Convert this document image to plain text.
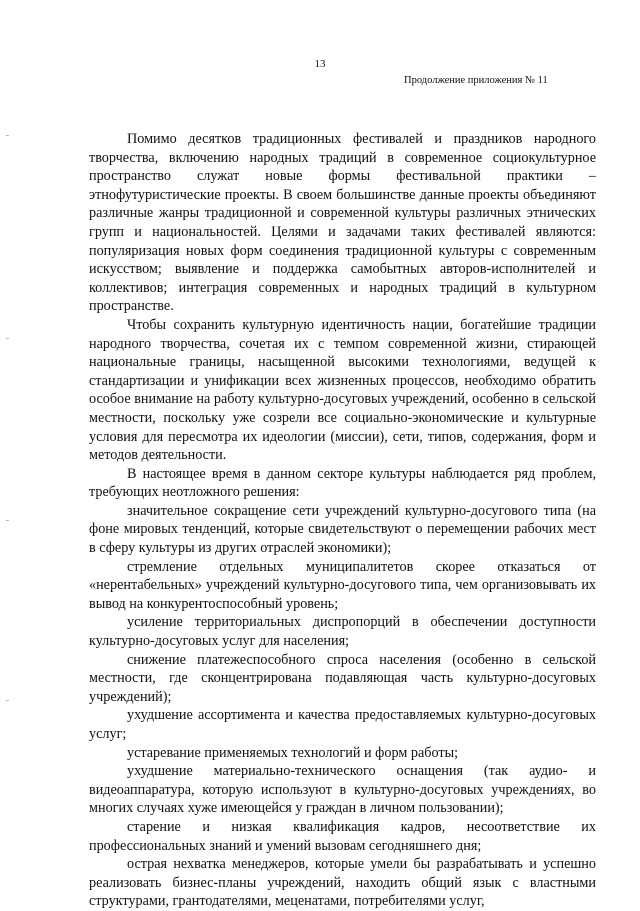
13
Продолжение приложения № 11

Помимо десятков традиционных фестивалей и праздников народного творчества, включению народных традиций в современное социокультурное пространство служат новые формы фестивальной практики – этнофутуристические проекты. В своем большинстве данные проекты объединяют различные жанры традиционной и современной культуры различных этнических групп и национальностей. Целями и задачами таких фестивалей являются: популяризация новых форм соединения традиционной культуры с современным искусством; выявление и поддержка самобытных авторов-исполнителей и коллективов; интеграция современных и народных традиций в культурном пространстве.

Чтобы сохранить культурную идентичность нации, богатейшие традиции народного творчества, сочетая их с темпом современной жизни, стирающей национальные границы, насыщенной высокими технологиями, ведущей к стандартизации и унификации всех жизненных процессов, необходимо обратить особое внимание на работу культурно-досуговых учреждений, особенно в сельской местности, поскольку уже созрели все социально-экономические и культурные условия для пересмотра их идеологии (миссии), сети, типов, содержания, форм и методов деятельности.

В настоящее время в данном секторе культуры наблюдается ряд проблем, требующих неотложного решения:

значительное сокращение сети учреждений культурно-досугового типа (на фоне мировых тенденций, которые свидетельствуют о перемещении рабочих мест в сферу культуры из других отраслей экономики);

стремление отдельных муниципалитетов скорее отказаться от «нерентабельных» учреждений культурно-досугового типа, чем организовывать их вывод на конкурентоспособный уровень;

усиление территориальных диспропорций в обеспечении доступности культурно-досуговых услуг для населения;

снижение платежеспособного спроса населения (особенно в сельской местности, где сконцентрирована подавляющая часть культурно-досуговых учреждений);

ухудшение ассортимента и качества предоставляемых культурно-досуговых услуг;

устаревание применяемых технологий и форм работы;

ухудшение материально-технического оснащения (так аудио- и видеоаппаратура, которую используют в культурно-досуговых учреждениях, во многих случаях хуже имеющейся у граждан в личном пользовании);

старение и низкая квалификация кадров, несоответствие их профессиональных знаний и умений вызовам сегодняшнего дня;

острая нехватка менеджеров, которые умели бы разрабатывать и успешно реализовать бизнес-планы учреждений, находить общий язык с властными структурами, грантодателями, меценатами, потребителями услуг,
